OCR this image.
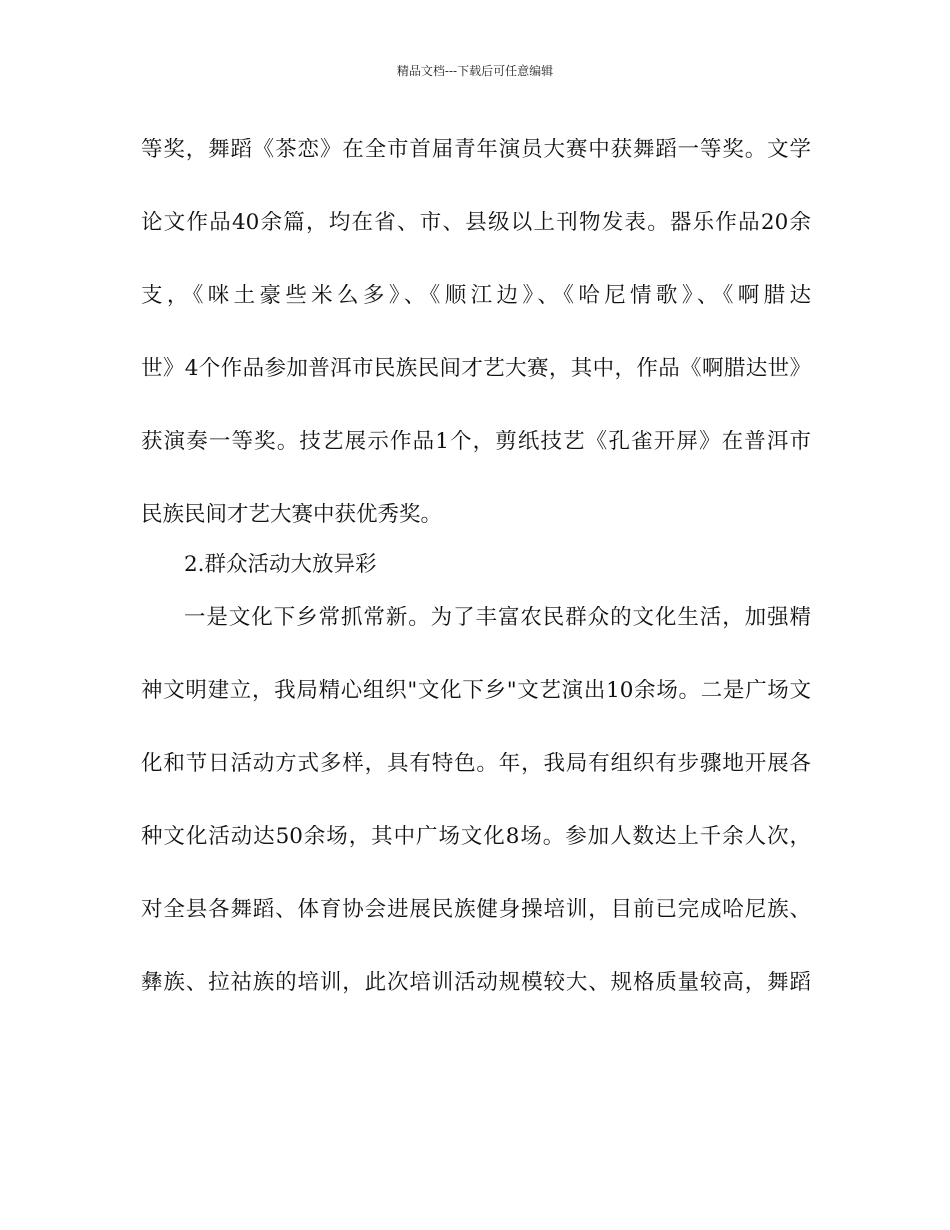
精品文档---下载后可任意编辑
等奖，舞蹈《茶恋》在全市首届青年演员大赛中获舞蹈一等奖。文学
论文作品40余篇，均在省、市、县级以上刊物发表。器乐作品20余
支，《咪土豪些米么多》、《顺江边》、《哈尼情歌》、《啊腊达
世》4个作品参加普洱市民族民间才艺大赛，其中，作品《啊腊达世》
获演奏一等奖。技艺展示作品1个，剪纸技艺《孔雀开屏》在普洱市
民族民间才艺大赛中获优秀奖。
2.群众活动大放异彩
一是文化下乡常抓常新。为了丰富农民群众的文化生活，加强精
神文明建立，我局精心组织"文化下乡"文艺演出10余场。二是广场文
化和节日活动方式多样，具有特色。年，我局有组织有步骤地开展各
种文化活动达50余场，其中广场文化8场。参加人数达上千余人次，
对全县各舞蹈、体育协会进展民族健身操培训，目前已完成哈尼族、
彝族、拉祜族的培训，此次培训活动规模较大、规格质量较高，舞蹈
